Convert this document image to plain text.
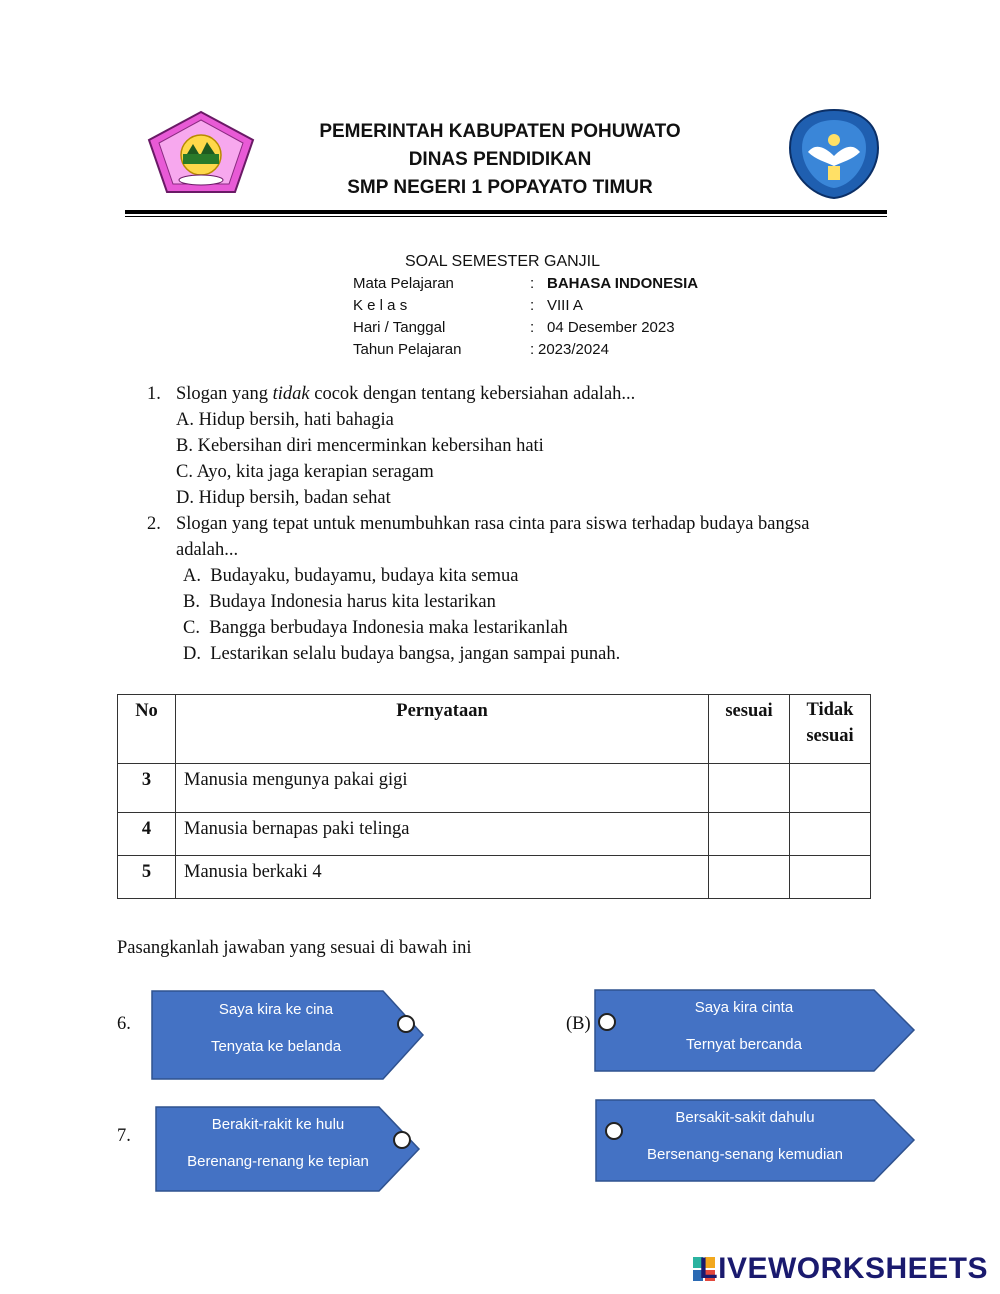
PEMERINTAH KABUPATEN POHUWATO
DINAS PENDIDIKAN
SMP NEGERI 1 POPAYATO TIMUR
SOAL SEMESTER GANJIL
Mata Pelajaran	: BAHASA INDONESIA
K e l a s	: VIII A
Hari / Tanggal	: 04 Desember 2023
Tahun Pelajaran	: 2023/2024
1. Slogan yang tidak cocok dengan tentang kebersiahan adalah...
A. Hidup bersih, hati bahagia
B. Kebersihan diri mencerminkan kebersihan hati
C. Ayo, kita jaga kerapian seragam
D. Hidup bersih, badan sehat
2. Slogan yang tepat untuk menumbuhkan rasa cinta para siswa terhadap budaya bangsa
adalah...
A. Budayaku, budayamu, budaya kita semua
B. Budaya Indonesia harus kita lestarikan
C. Bangga berbudaya Indonesia maka lestarikanlah
D. Lestarikan selalu budaya bangsa, jangan sampai punah.
No	Pernyataan	sesuai	Tidak
sesuai
3	Manusia mengunya pakai gigi		
4	Manusia bernapas paki telinga		
5	Manusia berkaki 4		
Pasangkanlah jawaban yang sesuai di bawah ini
6.
Saya kira ke cina
Tenyata ke belanda
(B)
Saya kira cinta
Ternyat bercanda
7.
Berakit-rakit ke hulu
Berenang-renang ke tepian
Bersakit-sakit dahulu
Bersenang-senang kemudian
LIVEWORKSHEETS
